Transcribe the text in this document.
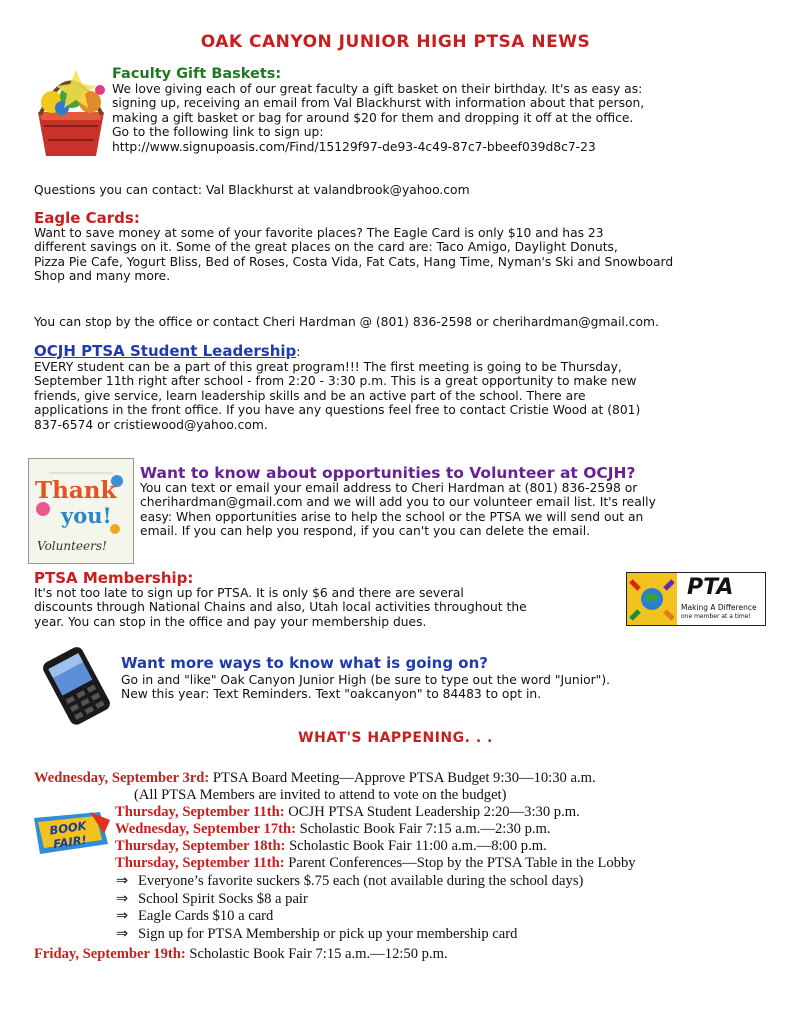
OAK CANYON JUNIOR HIGH PTSA NEWS
Faculty Gift Baskets:
We love giving each of our great faculty a gift basket on their birthday. It's as easy as:
signing up, receiving an email from Val Blackhurst with information about that person,
making a gift basket or bag for around $20 for them and dropping it off at the office.
Go to the following link to sign up:
http://www.signupoasis.com/Find/15129f97-de93-4c49-87c7-bbeef039d8c7-23
Questions you can contact: Val Blackhurst at valandbrook@yahoo.com
Eagle Cards:
Want to save money at some of your favorite places? The Eagle Card is only $10 and has 23
different savings on it. Some of the great places on the card are: Taco Amigo, Daylight Donuts,
Pizza Pie Cafe, Yogurt Bliss, Bed of Roses, Costa Vida, Fat Cats, Hang Time, Nyman's Ski and Snowboard
Shop and many more.
You can stop by the office or contact Cheri Hardman @ (801) 836-2598 or cherihardman@gmail.com.
OCJH PTSA Student Leadership:
EVERY student can be a part of this great program!!! The first meeting is going to be Thursday,
September 11th right after school - from 2:20 - 3:30 p.m. This is a great opportunity to make new
friends, give service, learn leadership skills and be an active part of the school. There are
applications in the front office. If you have any questions feel free to contact Cristie Wood at (801)
837-6574 or cristiewood@yahoo.com.
Thank
you!
Volunteers!
Want to know about opportunities to Volunteer at OCJH?
You can text or email your email address to Cheri Hardman at (801) 836-2598 or
cherihardman@gmail.com and we will add you to our volunteer email list. It's really
easy: When opportunities arise to help the school or the PTSA we will send out an
email. If you can help you respond, if you can't you can delete the email.
PTSA Membership:
It's not too late to sign up for PTSA. It is only $6 and there are several
discounts through National Chains and also, Utah local activities throughout the
year. You can stop in the office and pay your membership dues.
PTA
Making A Difference
one member at a time!
Want more ways to know what is going on?
Go in and "like" Oak Canyon Junior High (be sure to type out the word "Junior").
New this year: Text Reminders. Text "oakcanyon" to 84483 to opt in.
WHAT'S HAPPENING. . .
BOOK FAIR!
Wednesday, September 3rd: PTSA Board Meeting—Approve PTSA Budget 9:30—10:30 a.m.
(All PTSA Members are invited to attend to vote on the budget)
Thursday, September 11th: OCJH PTSA Student Leadership 2:20—3:30 p.m.
Wednesday, September 17th: Scholastic Book Fair 7:15 a.m.—2:30 p.m.
Thursday, September 18th: Scholastic Book Fair 11:00 a.m.—8:00 p.m.
Thursday, September 11th: Parent Conferences—Stop by the PTSA Table in the Lobby
⇒ Everyone’s favorite suckers $.75 each (not available during the school days)
⇒ School Spirit Socks $8 a pair
⇒ Eagle Cards $10 a card
⇒ Sign up for PTSA Membership or pick up your membership card
Friday, September 19th: Scholastic Book Fair 7:15 a.m.—12:50 p.m.
